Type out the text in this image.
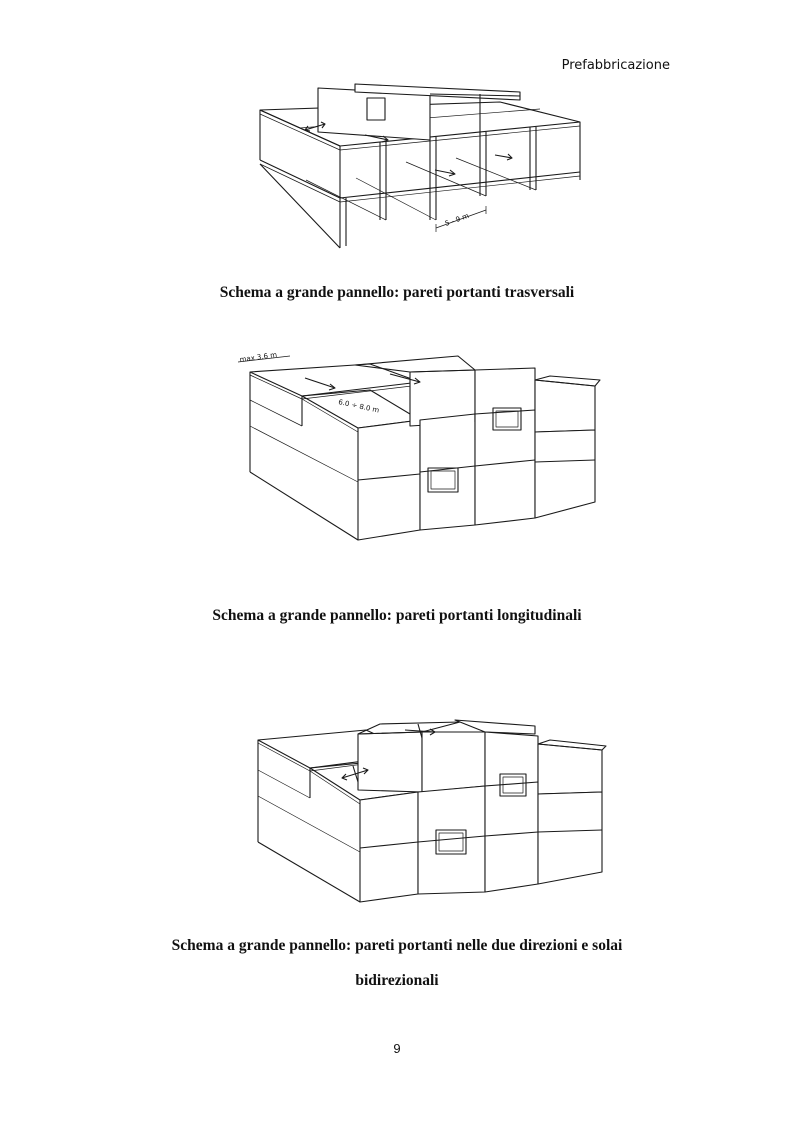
Prefabbricazione
5 - 9 m
Schema a grande pannello: pareti portanti trasversali
max 3.6 m
6.0 ÷ 8.0 m
Schema a grande pannello: pareti portanti longitudinali
Schema a grande pannello: pareti portanti nelle due direzioni e solai
bidirezionali
9
